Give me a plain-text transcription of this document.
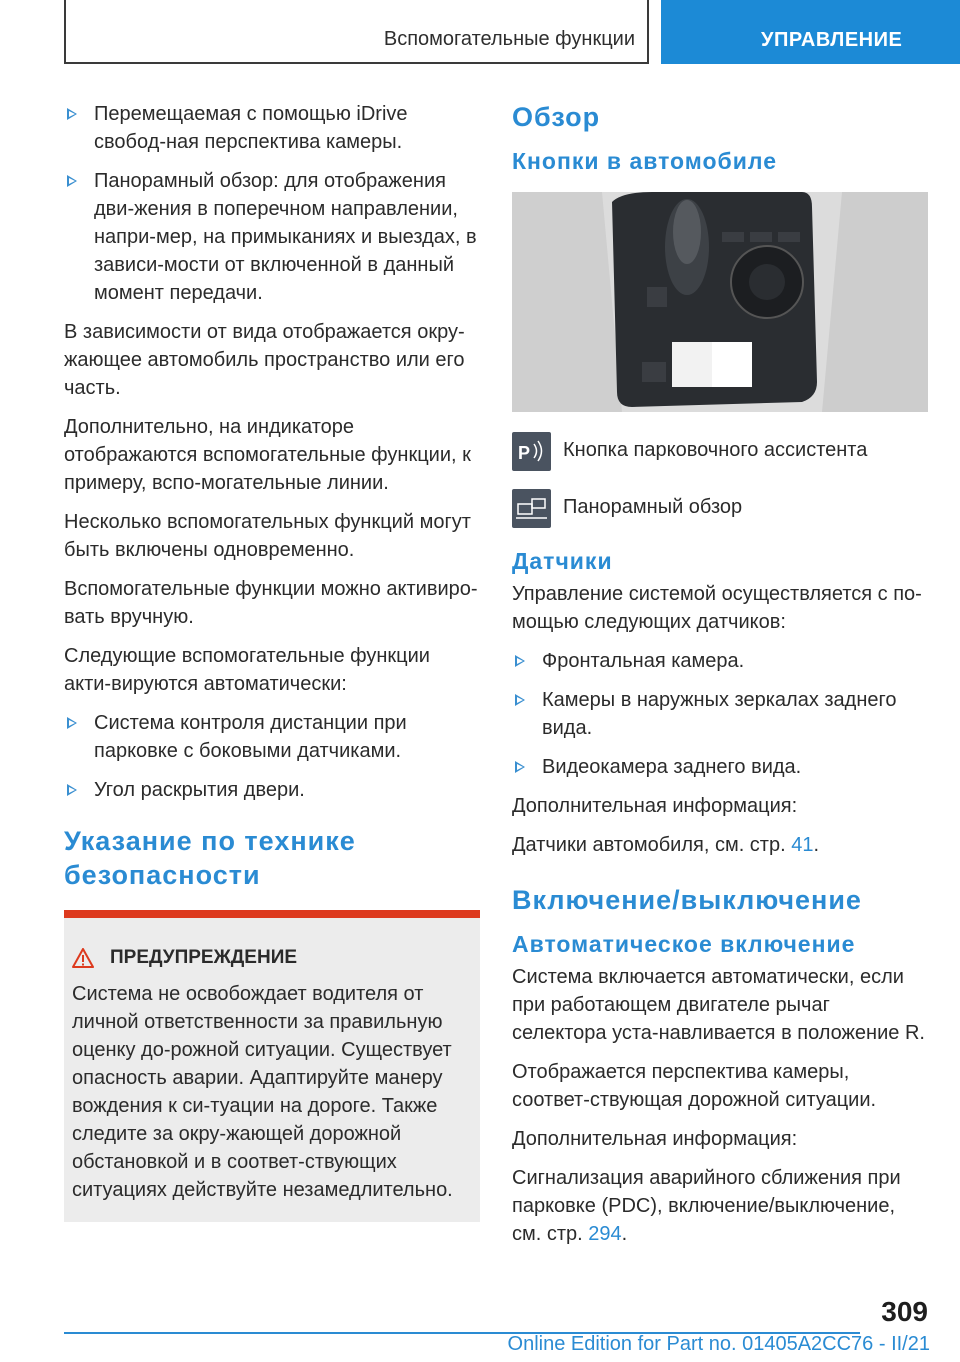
Вспомогательные функции	УПРАВЛЕНИЕ
Перемещаемая с помощью iDrive свобод-ная перспектива камеры.
Панорамный обзор: для отображения дви-жения в поперечном направлении, напри-мер, на примыканиях и выездах, в зависи-мости от включенной в данный момент передачи.

В зависимости от вида отображается окру-жающее автомобиль пространство или его часть.

Дополнительно, на индикаторе отображаются вспомогательные функции, к примеру, вспо-могательные линии.

Несколько вспомогательных функций могут быть включены одновременно.

Вспомогательные функции можно активиро-вать вручную.

Следующие вспомогательные функции акти-вируются автоматически:

Система контроля дистанции при парковке с боковыми датчиками.
Угол раскрытия двери.
Указание по технике безопасности
ПРЕДУПРЕЖДЕНИЕ
Система не освобождает водителя от личной ответственности за правильную оценку до-рожной ситуации. Существует опасность аварии. Адаптируйте манеру вождения к си-туации на дороге. Также следите за окру-жающей дорожной обстановкой и в соответ-ствующих ситуациях действуйте незамедлительно.
Обзор
Кнопки в автомобиле
P Кнопка парковочного ассистента
Панорамный обзор
Датчики

Управление системой осуществляется с по-мощью следующих датчиков:

Фронтальная камера.
Камеры в наружных зеркалах заднего вида.
Видеокамера заднего вида.

Дополнительная информация:

Датчики автомобиля, см. стр. 41.

Включение/выключение
Автоматическое включение

Система включается автоматически, если при работающем двигателе рычаг селектора уста-навливается в положение R.

Отображается перспектива камеры, соответ-ствующая дорожной ситуации.

Дополнительная информация:

Сигнализация аварийного сближения при парковке (PDC), включение/выключение, см. стр. 294.

309
Online Edition for Part no. 01405A2CC76 - II/21
